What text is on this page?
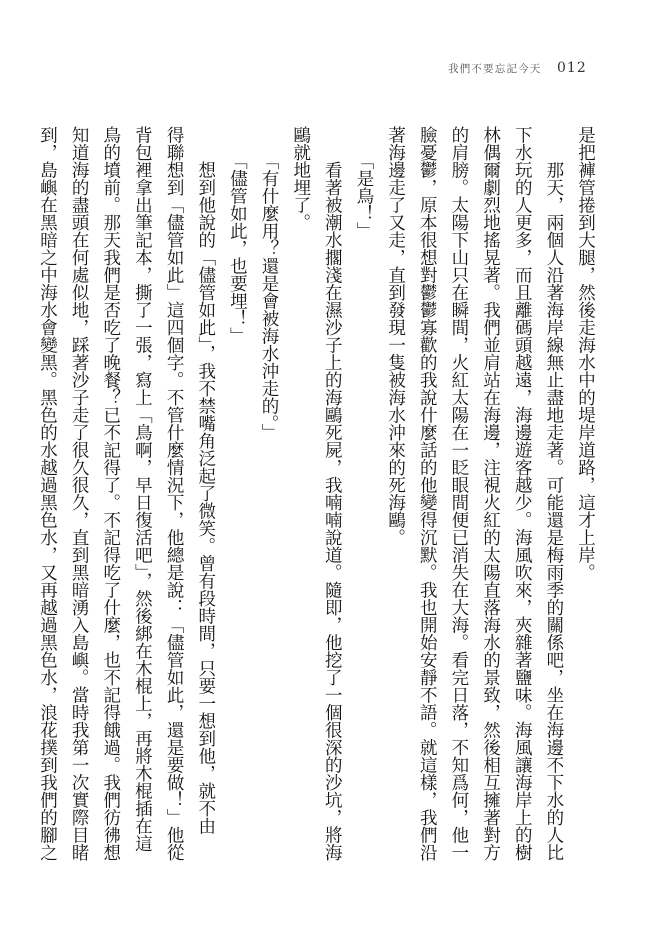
我們不要忘記今天 012
是把褲管捲到大腿，然後走海水中的堤岸道路，這才上岸。
　　那天，兩個人沿著海岸線無止盡地走著。可能還是梅雨季的關係吧，坐在海邊不下水的人比
下水玩的人更多，而且離碼頭越遠，海邊遊客越少。海風吹來，夾雜著鹽味。海風讓海岸上的樹
林偶爾劇烈地搖晃著。我們並肩站在海邊，注視火紅的太陽直落海水的景致，然後相互擁著對方
的肩膀。太陽下山只在瞬間，火紅太陽在一眨眼間便已消失在大海。看完日落，不知爲何，他一
臉憂鬱，原本很想對鬱鬱寡歡的我說什麼話的他變得沉默。我也開始安靜不語。就這樣，我們沿
著海邊走了又走，直到發現一隻被海水沖來的死海鷗。
　　「是鳥！」
　　看著被潮水擱淺在濕沙子上的海鷗死屍，我喃喃說道。隨即，他挖了一個很深的沙坑，將海
鷗就地埋了。
　　「有什麼用？還是會被海水沖走的。」
　　「儘管如此，也要埋！」
　　想到他說的「儘管如此」，我不禁嘴角泛起了微笑。曾有段時間，只要一想到他，就不由
得聯想到「儘管如此」這四個字。不管什麼情況下，他總是說：「儘管如此，還是要做！」他從
背包裡拿出筆記本，撕了一張，寫上「鳥啊，早日復活吧」，然後綁在木棍上，再將木棍插在這
鳥的墳前。那天我們是否吃了晚餐？已不記得了。不記得吃了什麼，也不記得餓過。我們彷彿想
知道海的盡頭在何處似地，踩著沙子走了很久很久，直到黑暗湧入島嶼。當時我第一次實際目睹
到，島嶼在黑暗之中海水會變黑。黑色的水越過黑色水，又再越過黑色水，浪花撲到我們的腳之
